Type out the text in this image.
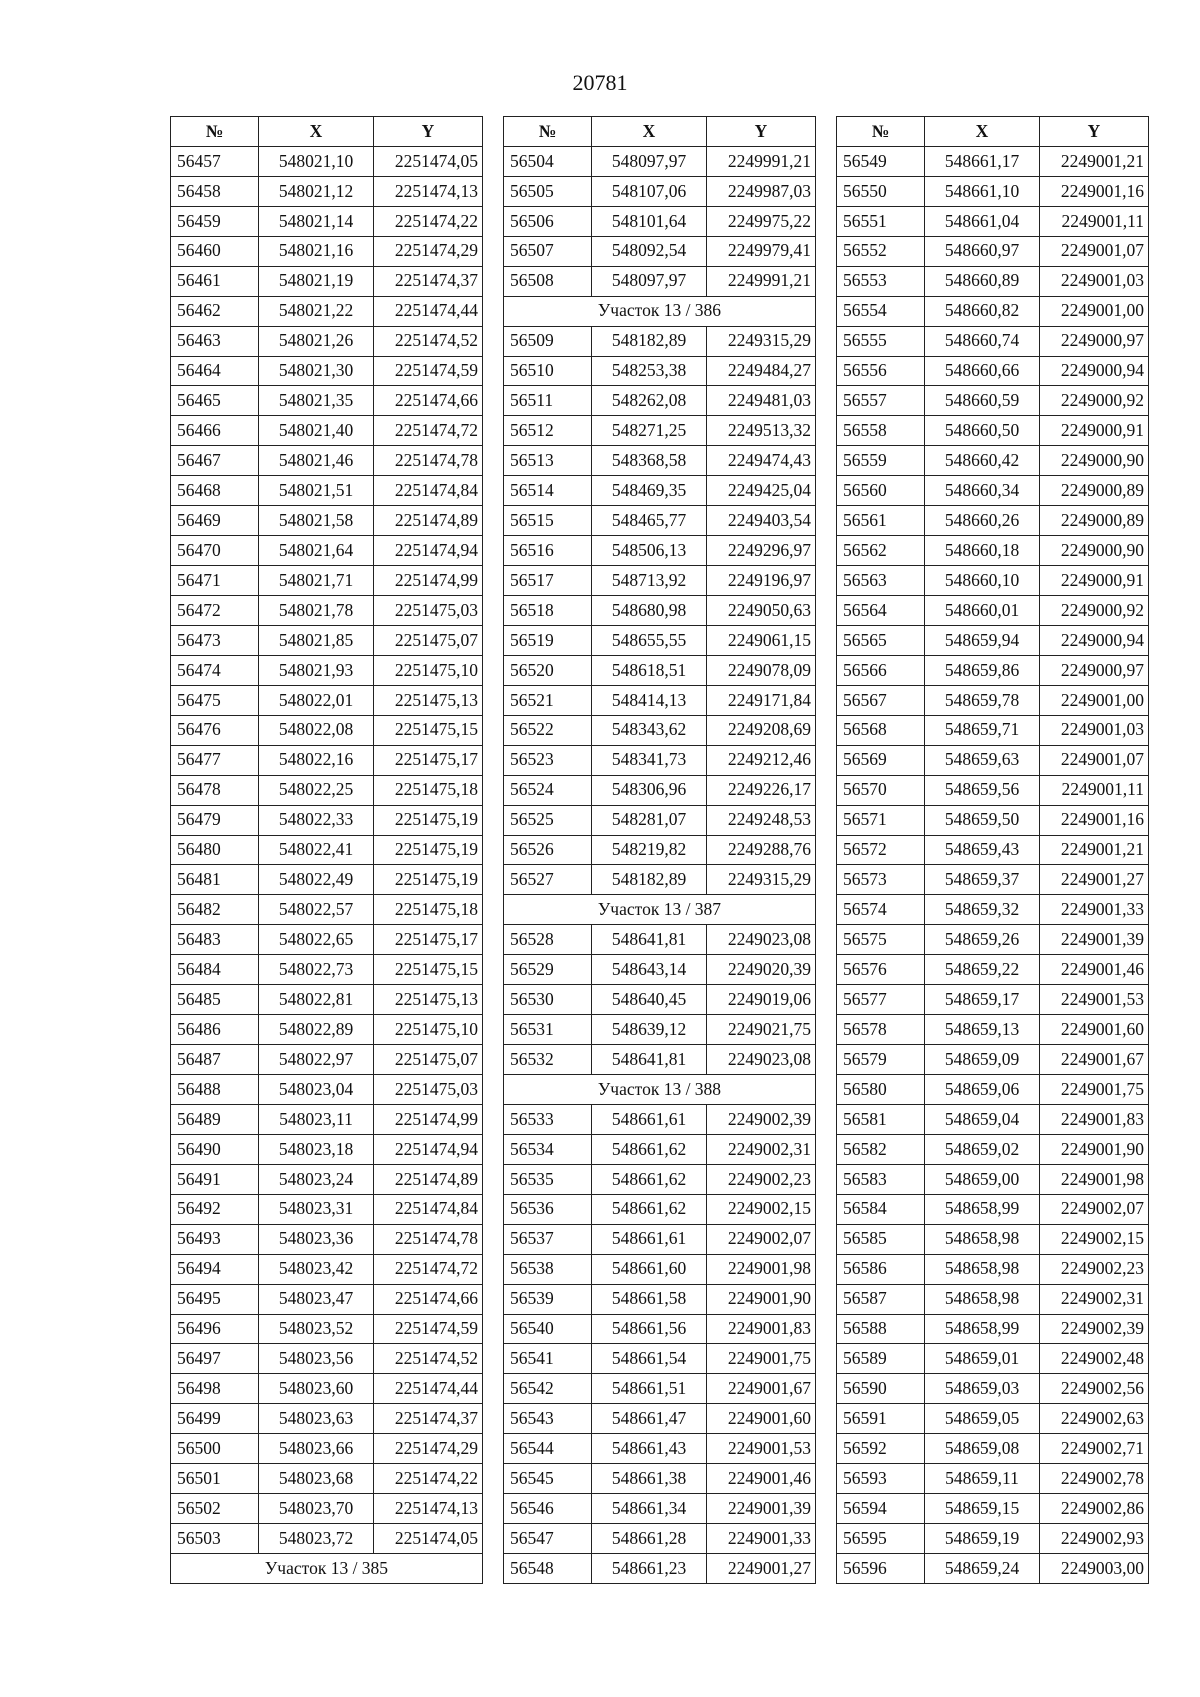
20781
№	X	Y
56457	548021,10	2251474,05
56458	548021,12	2251474,13
56459	548021,14	2251474,22
56460	548021,16	2251474,29
56461	548021,19	2251474,37
56462	548021,22	2251474,44
56463	548021,26	2251474,52
56464	548021,30	2251474,59
56465	548021,35	2251474,66
56466	548021,40	2251474,72
56467	548021,46	2251474,78
56468	548021,51	2251474,84
56469	548021,58	2251474,89
56470	548021,64	2251474,94
56471	548021,71	2251474,99
56472	548021,78	2251475,03
56473	548021,85	2251475,07
56474	548021,93	2251475,10
56475	548022,01	2251475,13
56476	548022,08	2251475,15
56477	548022,16	2251475,17
56478	548022,25	2251475,18
56479	548022,33	2251475,19
56480	548022,41	2251475,19
56481	548022,49	2251475,19
56482	548022,57	2251475,18
56483	548022,65	2251475,17
56484	548022,73	2251475,15
56485	548022,81	2251475,13
56486	548022,89	2251475,10
56487	548022,97	2251475,07
56488	548023,04	2251475,03
56489	548023,11	2251474,99
56490	548023,18	2251474,94
56491	548023,24	2251474,89
56492	548023,31	2251474,84
56493	548023,36	2251474,78
56494	548023,42	2251474,72
56495	548023,47	2251474,66
56496	548023,52	2251474,59
56497	548023,56	2251474,52
56498	548023,60	2251474,44
56499	548023,63	2251474,37
56500	548023,66	2251474,29
56501	548023,68	2251474,22
56502	548023,70	2251474,13
56503	548023,72	2251474,05
Участок 13 / 385		
№	X	Y
56504	548097,97	2249991,21
56505	548107,06	2249987,03
56506	548101,64	2249975,22
56507	548092,54	2249979,41
56508	548097,97	2249991,21
Участок 13 / 386		
56509	548182,89	2249315,29
56510	548253,38	2249484,27
56511	548262,08	2249481,03
56512	548271,25	2249513,32
56513	548368,58	2249474,43
56514	548469,35	2249425,04
56515	548465,77	2249403,54
56516	548506,13	2249296,97
56517	548713,92	2249196,97
56518	548680,98	2249050,63
56519	548655,55	2249061,15
56520	548618,51	2249078,09
56521	548414,13	2249171,84
56522	548343,62	2249208,69
56523	548341,73	2249212,46
56524	548306,96	2249226,17
56525	548281,07	2249248,53
56526	548219,82	2249288,76
56527	548182,89	2249315,29
Участок 13 / 387		
56528	548641,81	2249023,08
56529	548643,14	2249020,39
56530	548640,45	2249019,06
56531	548639,12	2249021,75
56532	548641,81	2249023,08
Участок 13 / 388		
56533	548661,61	2249002,39
56534	548661,62	2249002,31
56535	548661,62	2249002,23
56536	548661,62	2249002,15
56537	548661,61	2249002,07
56538	548661,60	2249001,98
56539	548661,58	2249001,90
56540	548661,56	2249001,83
56541	548661,54	2249001,75
56542	548661,51	2249001,67
56543	548661,47	2249001,60
56544	548661,43	2249001,53
56545	548661,38	2249001,46
56546	548661,34	2249001,39
56547	548661,28	2249001,33
56548	548661,23	2249001,27
№	X	Y
56549	548661,17	2249001,21
56550	548661,10	2249001,16
56551	548661,04	2249001,11
56552	548660,97	2249001,07
56553	548660,89	2249001,03
56554	548660,82	2249001,00
56555	548660,74	2249000,97
56556	548660,66	2249000,94
56557	548660,59	2249000,92
56558	548660,50	2249000,91
56559	548660,42	2249000,90
56560	548660,34	2249000,89
56561	548660,26	2249000,89
56562	548660,18	2249000,90
56563	548660,10	2249000,91
56564	548660,01	2249000,92
56565	548659,94	2249000,94
56566	548659,86	2249000,97
56567	548659,78	2249001,00
56568	548659,71	2249001,03
56569	548659,63	2249001,07
56570	548659,56	2249001,11
56571	548659,50	2249001,16
56572	548659,43	2249001,21
56573	548659,37	2249001,27
56574	548659,32	2249001,33
56575	548659,26	2249001,39
56576	548659,22	2249001,46
56577	548659,17	2249001,53
56578	548659,13	2249001,60
56579	548659,09	2249001,67
56580	548659,06	2249001,75
56581	548659,04	2249001,83
56582	548659,02	2249001,90
56583	548659,00	2249001,98
56584	548658,99	2249002,07
56585	548658,98	2249002,15
56586	548658,98	2249002,23
56587	548658,98	2249002,31
56588	548658,99	2249002,39
56589	548659,01	2249002,48
56590	548659,03	2249002,56
56591	548659,05	2249002,63
56592	548659,08	2249002,71
56593	548659,11	2249002,78
56594	548659,15	2249002,86
56595	548659,19	2249002,93
56596	548659,24	2249003,00
